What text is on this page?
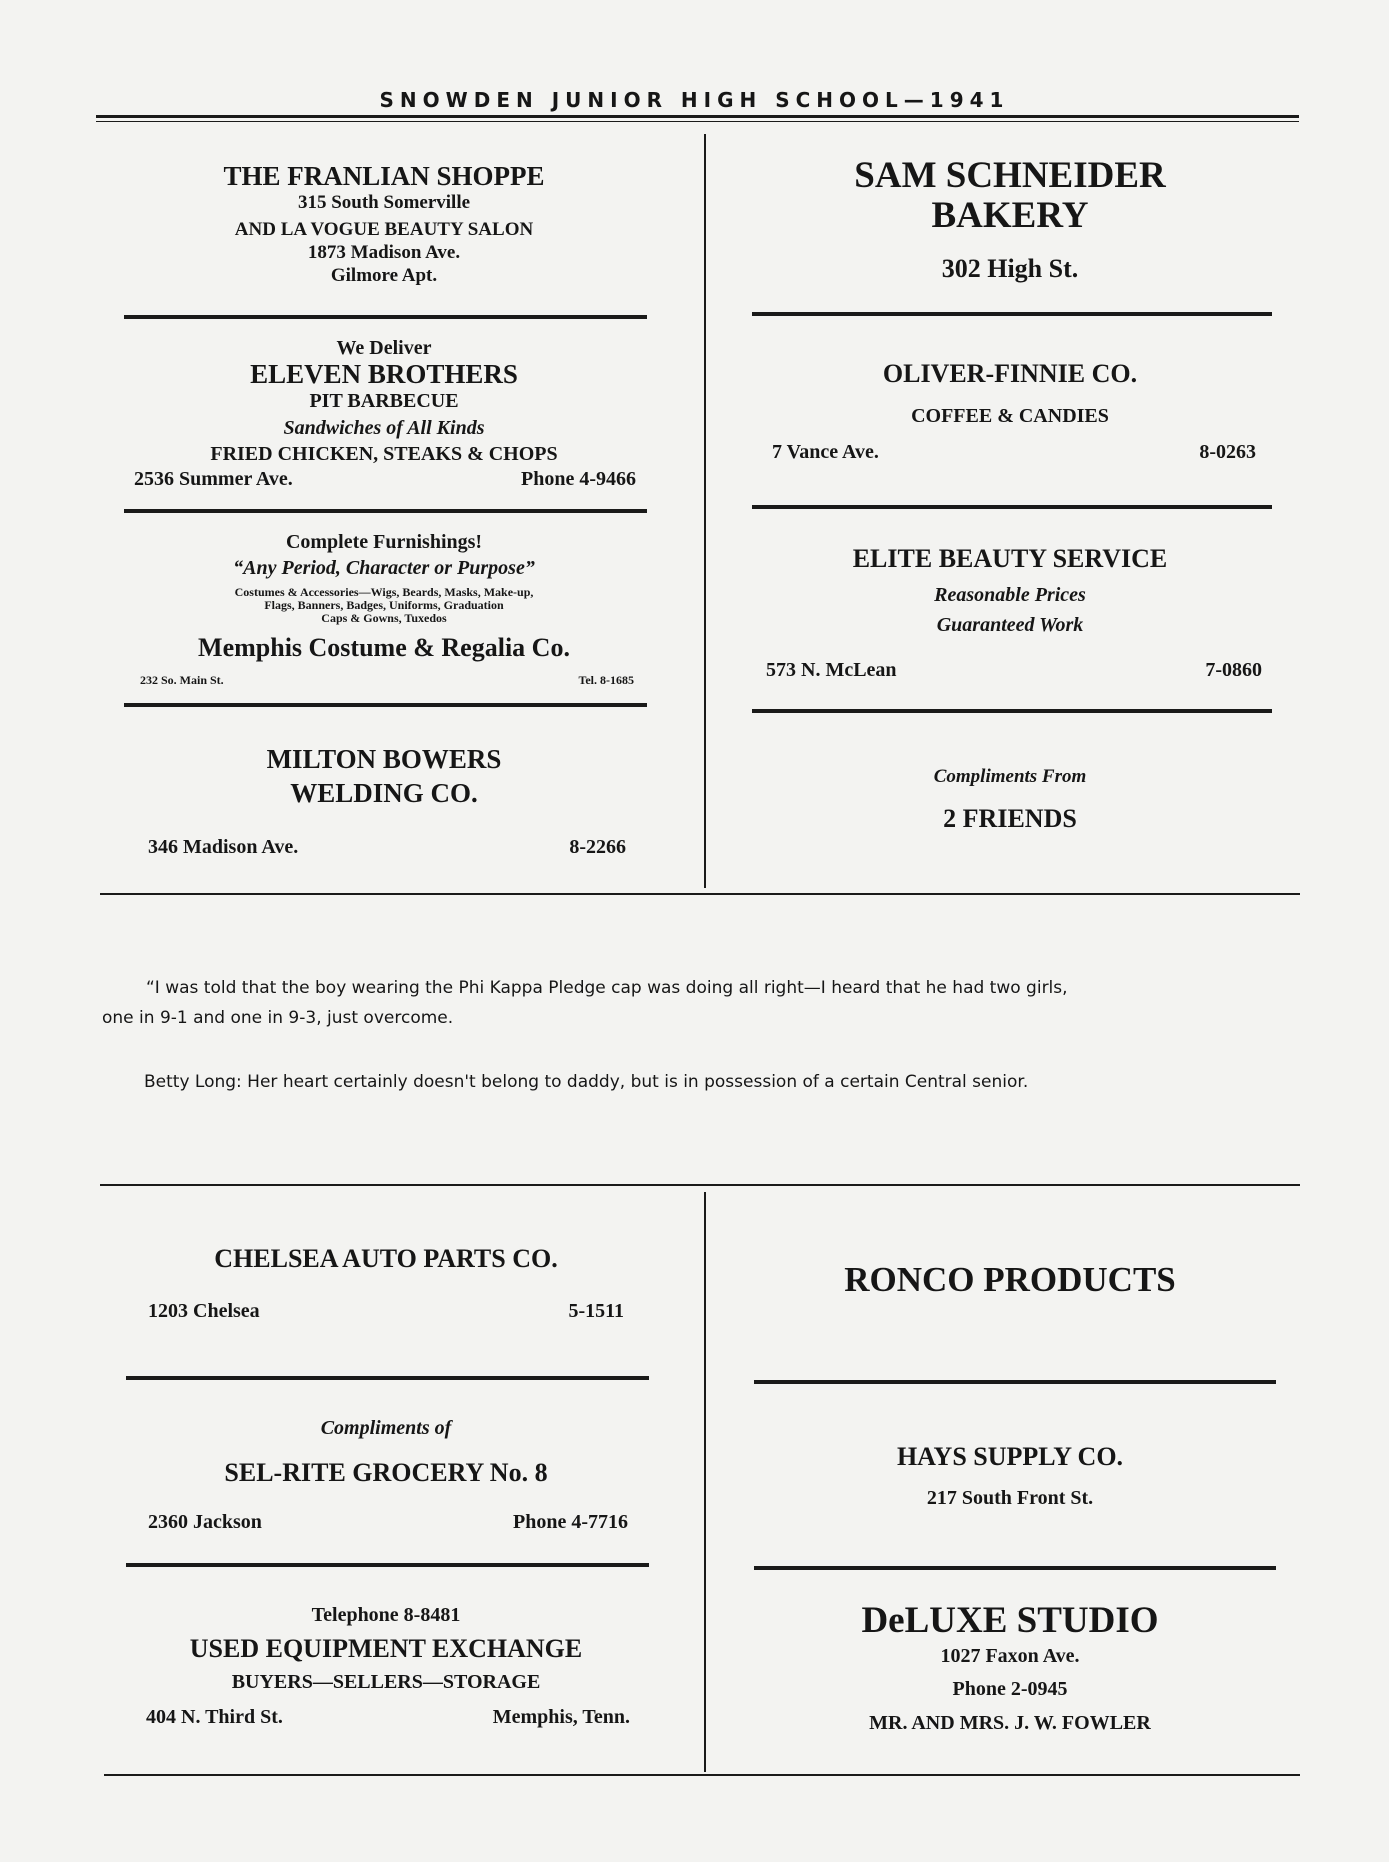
SNOWDEN JUNIOR HIGH SCHOOL—1941
THE FRANLIAN SHOPPE
315 South Somerville
AND LA VOGUE BEAUTY SALON
1873 Madison Ave.
Gilmore Apt.
We Deliver
ELEVEN BROTHERS
PIT BARBECUE
Sandwiches of All Kinds
FRIED CHICKEN, STEAKS & CHOPS
2536 Summer Ave.	Phone 4-9466
Complete Furnishings!
“Any Period, Character or Purpose”
Costumes & Accessories—Wigs, Beards, Masks, Make-up,
Flags, Banners, Badges, Uniforms, Graduation
Caps & Gowns, Tuxedos
Memphis Costume & Regalia Co.
232 So. Main St.	Tel. 8-1685
MILTON BOWERS
WELDING CO.
346 Madison Ave.	8-2266
SAM SCHNEIDER
BAKERY
302 High St.
OLIVER-FINNIE CO.
COFFEE & CANDIES
7 Vance Ave.	8-0263
ELITE BEAUTY SERVICE
Reasonable Prices
Guaranteed Work
573 N. McLean	7-0860
Compliments From
2 FRIENDS
“I was told that the boy wearing the Phi Kappa Pledge cap was doing all right—I heard that he had two girls,
one in 9-1 and one in 9-3, just overcome.
Betty Long: Her heart certainly doesn't belong to daddy, but is in possession of a certain Central senior.
CHELSEA AUTO PARTS CO.
1203 Chelsea	5-1511
Compliments of
SEL-RITE GROCERY No. 8
2360 Jackson	Phone 4-7716
Telephone 8-8481
USED EQUIPMENT EXCHANGE
BUYERS—SELLERS—STORAGE
404 N. Third St.	Memphis, Tenn.
RONCO PRODUCTS
HAYS SUPPLY CO.
217 South Front St.
DeLUXE STUDIO
1027 Faxon Ave.
Phone 2-0945
MR. AND MRS. J. W. FOWLER
